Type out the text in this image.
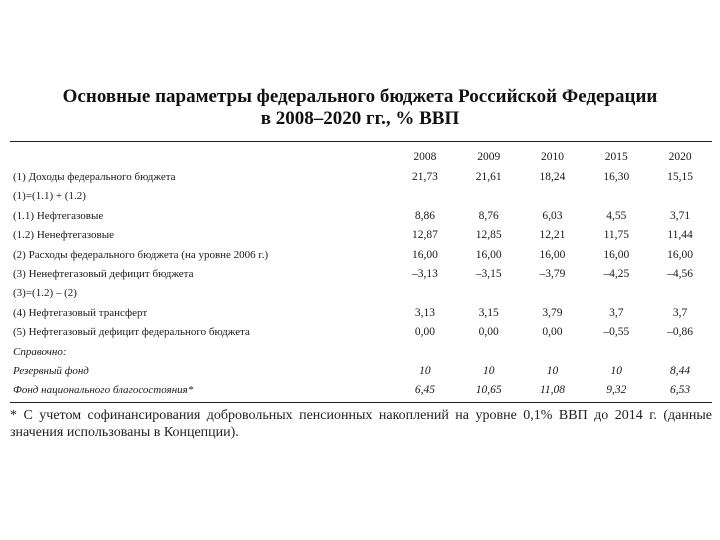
Основные параметры федерального бюджета Российской Федерации
в 2008–2020 гг., % ВВП
	2008	2009	2010	2015	2020
(1) Доходы федерального бюджета	21,73	21,61	18,24	16,30	15,15
(1)=(1.1) + (1.2)					
(1.1) Нефтегазовые	8,86	8,76	6,03	4,55	3,71
(1.2) Ненефтегазовые	12,87	12,85	12,21	11,75	11,44
(2) Расходы федерального бюджета (на уровне 2006 г.)	16,00	16,00	16,00	16,00	16,00
(3) Ненефтегазовый дефицит бюджета	–3,13	–3,15	–3,79	–4,25	–4,56
(3)=(1.2) – (2)					
(4) Нефтегазовый трансферт	3,13	3,15	3,79	3,7	3,7
(5) Нефтегазовый дефицит федерального бюджета	0,00	0,00	0,00	–0,55	–0,86
Справочно:					
Резервный фонд	10	10	10	10	8,44
Фонд национального благосостояния*	6,45	10,65	11,08	9,32	6,53
* С учетом софинансирования добровольных пенсионных накоплений на уровне 0,1% ВВП до 2014 г. (данные значения использованы в Концепции).
